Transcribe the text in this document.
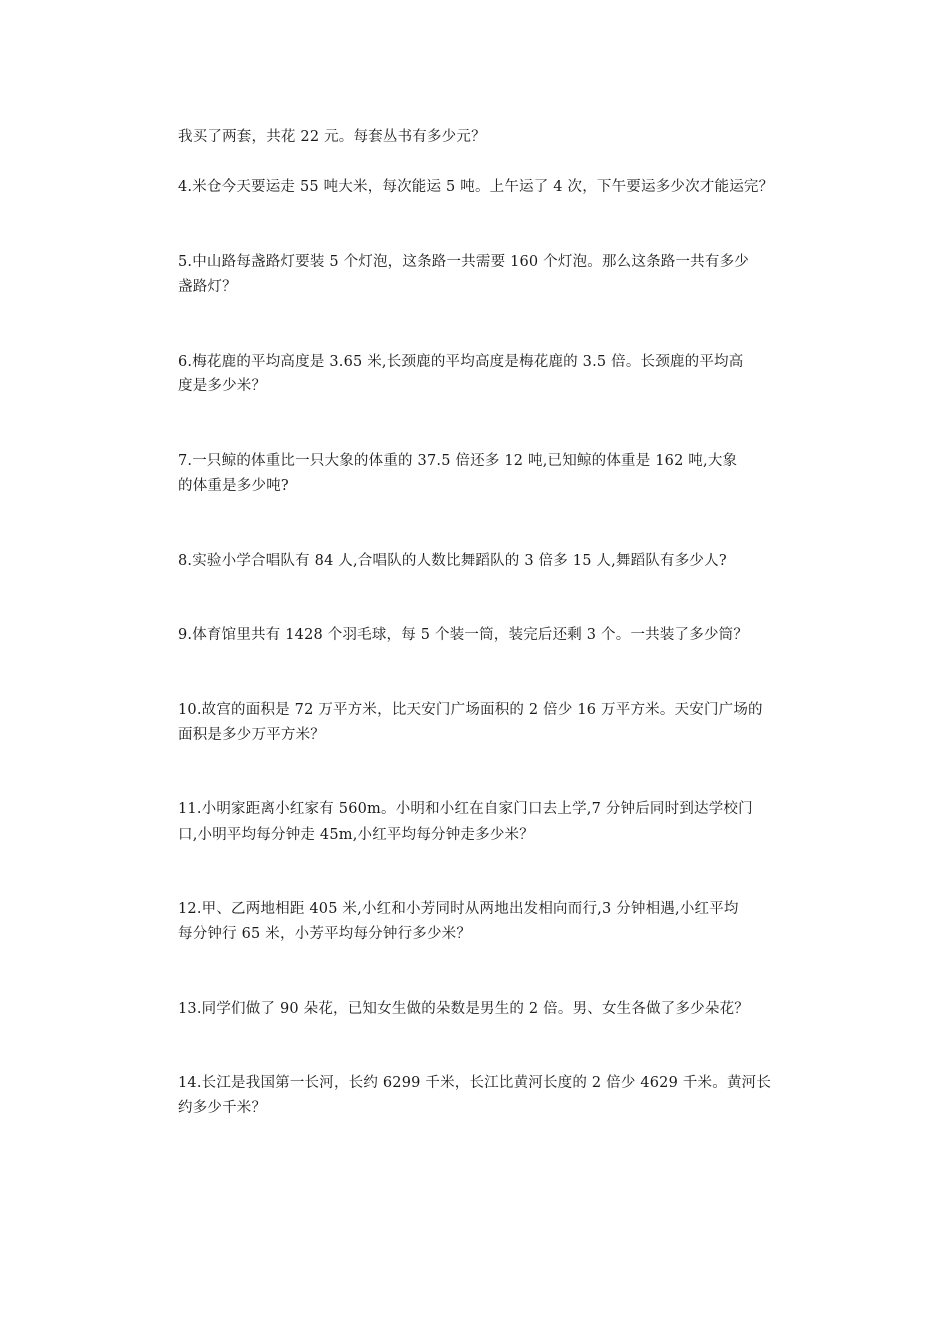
我买了两套，共花 22 元。每套丛书有多少元？
4.米仓今天要运走 55 吨大米，每次能运 5 吨。上午运了 4 次，下午要运多少次才能运完？
5.中山路每盏路灯要装 5 个灯泡，这条路一共需要 160 个灯泡。那么这条路一共有多少
盏路灯？
6.梅花鹿的平均高度是 3.65 米,长颈鹿的平均高度是梅花鹿的 3.5 倍。长颈鹿的平均高
度是多少米？
7.一只鲸的体重比一只大象的体重的 37.5 倍还多 12 吨,已知鲸的体重是 162 吨,大象
的体重是多少吨?
8.实验小学合唱队有 84 人,合唱队的人数比舞蹈队的 3 倍多 15 人,舞蹈队有多少人?
9.体育馆里共有 1428 个羽毛球，每 5 个装一筒，装完后还剩 3 个。一共装了多少筒？
10.故宫的面积是 72 万平方米，比天安门广场面积的 2 倍少 16 万平方米。天安门广场的
面积是多少万平方米？
11.小明家距离小红家有 560m。小明和小红在自家门口去上学,7 分钟后同时到达学校门
口,小明平均每分钟走 45m,小红平均每分钟走多少米？
12.甲、乙两地相距 405 米,小红和小芳同时从两地出发相向而行,3 分钟相遇,小红平均
每分钟行 65 米，小芳平均每分钟行多少米？
13.同学们做了 90 朵花，已知女生做的朵数是男生的 2 倍。男、女生各做了多少朵花？
14.长江是我国第一长河，长约 6299 千米，长江比黄河长度的 2 倍少 4629 千米。黄河长
约多少千米？
